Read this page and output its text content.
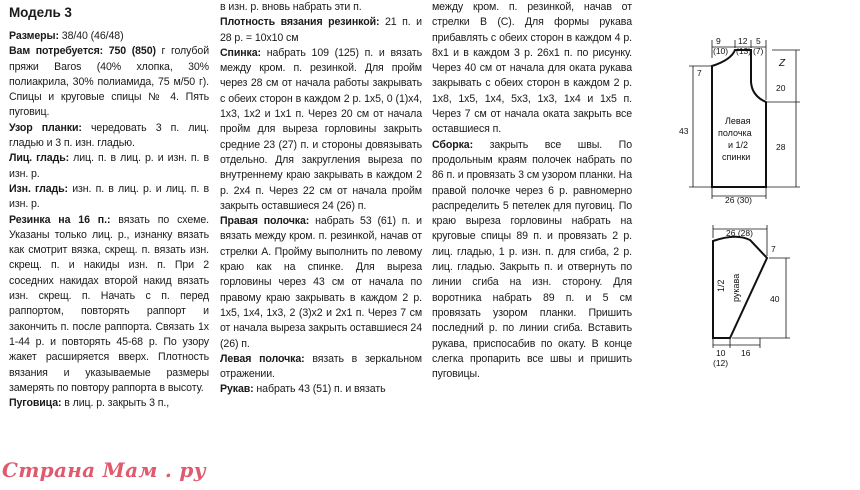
Модель 3

Размеры: 38/40 (46/48)

Вам потребуется: 750 (850) г голубой пряжи Baros (40% хлопка, 30% полиакрила, 30% полиамида, 75 м/50 г). Спицы и круговые спицы № 4. Пять пуговиц.

Узор планки: чередовать 3 п. лиц. гладью и 3 п. изн. гладью.

Лиц. гладь: лиц. п. в лиц. р. и изн. п. в изн. р.

Изн. гладь: изн. п. в лиц. р. и лиц. п. в изн. р.

Резинка на 16 п.: вязать по схеме. Указаны только лиц. р., изнанку вязать как смотрит вязка, скрещ. п. вязать изн. скрещ. п. и накиды изн. п. При 2 соседних накидах второй накид вязать изн. скрещ. п. Начать с п. перед раппортом, повторять раппорт и закончить п. после раппорта. Связать 1х 1-44 р. и повторять 45-68 р. По узору жакет расширяется вверх. Плотность вязания и указываемые размеры замерять по повтору раппорта в высоту.

Пуговица: в лиц. р. закрыть 3 п.,

в изн. р. вновь набрать эти п.

Плотность вязания резинкой: 21 п. и 28 р. = 10х10 см

Спинка: набрать 109 (125) п. и вязать между кром. п. резинкой. Для пройм через 28 см от начала работы закрывать с обеих сторон в каждом 2 р. 1х5, 0 (1)х4, 1х3, 1х2 и 1х1 п. Через 20 см от начала пройм для выреза горловины закрыть средние 23 (27) п. и стороны довязывать отдельно. Для закругления выреза по внутреннему краю закрывать в каждом 2 р. 2х4 п. Через 22 см от начала пройм закрыть оставшиеся 24 (26) п.

Правая полочка: набрать 53 (61) п. и вязать между кром. п. резинкой, начав от стрелки А. Пройму выполнить по левому краю как на спинке. Для выреза горловины через 43 см от начала по правому краю закрывать в каждом 2 р. 1х5, 1х4, 1х3, 2 (3)х2 и 2х1 п. Через 7 см от начала выреза закрыть оставшиеся 24 (26) п.

Левая полочка: вязать в зеркальном отражении.

Рукав: набрать 43 (51) п. и вязать

между кром. п. резинкой, начав от стрелки В (С). Для формы рукава прибавлять с обеих сторон в каждом 4 р. 8х1 и в каждом 3 р. 26х1 п. по рисунку. Через 40 см от начала для оката рукава закрывать с обеих сторон в каждом 2 р. 1х8, 1х5, 1х4, 5х3, 1х3, 1х4 и 1х5 п. Через 7 см от начала оката закрыть все оставшиеся п.

Сборка: закрыть все швы. По продольным краям полочек набрать по 86 п. и провязать 3 см узором планки. На правой полочке через 6 р. равномерно распределить 5 петелек для пуговиц. По краю выреза горловины набрать на круговые спицы 89 п. и провязать 2 р. лиц. гладью, 1 р. изн. п. для сгиба, 2 р. лиц. гладью. Закрыть п. и отвернуть по линии сгиба на изн. сторону. Для воротника набрать 89 п. и 5 см провязать узором планки. Пришить последний р. по линии сгиба. Вставить рукава, приспосабив по окату. В конце слегка пропарить все швы и пришить пуговицы.

9
(10)
12
(13)
5
(7)
Z
7
20
43
28
26 (30)
Левая
полочка
и 1/2
спинки
26 (28)
7
40
1/2 рукава
10
(12)
16
Страна Мам . ру
